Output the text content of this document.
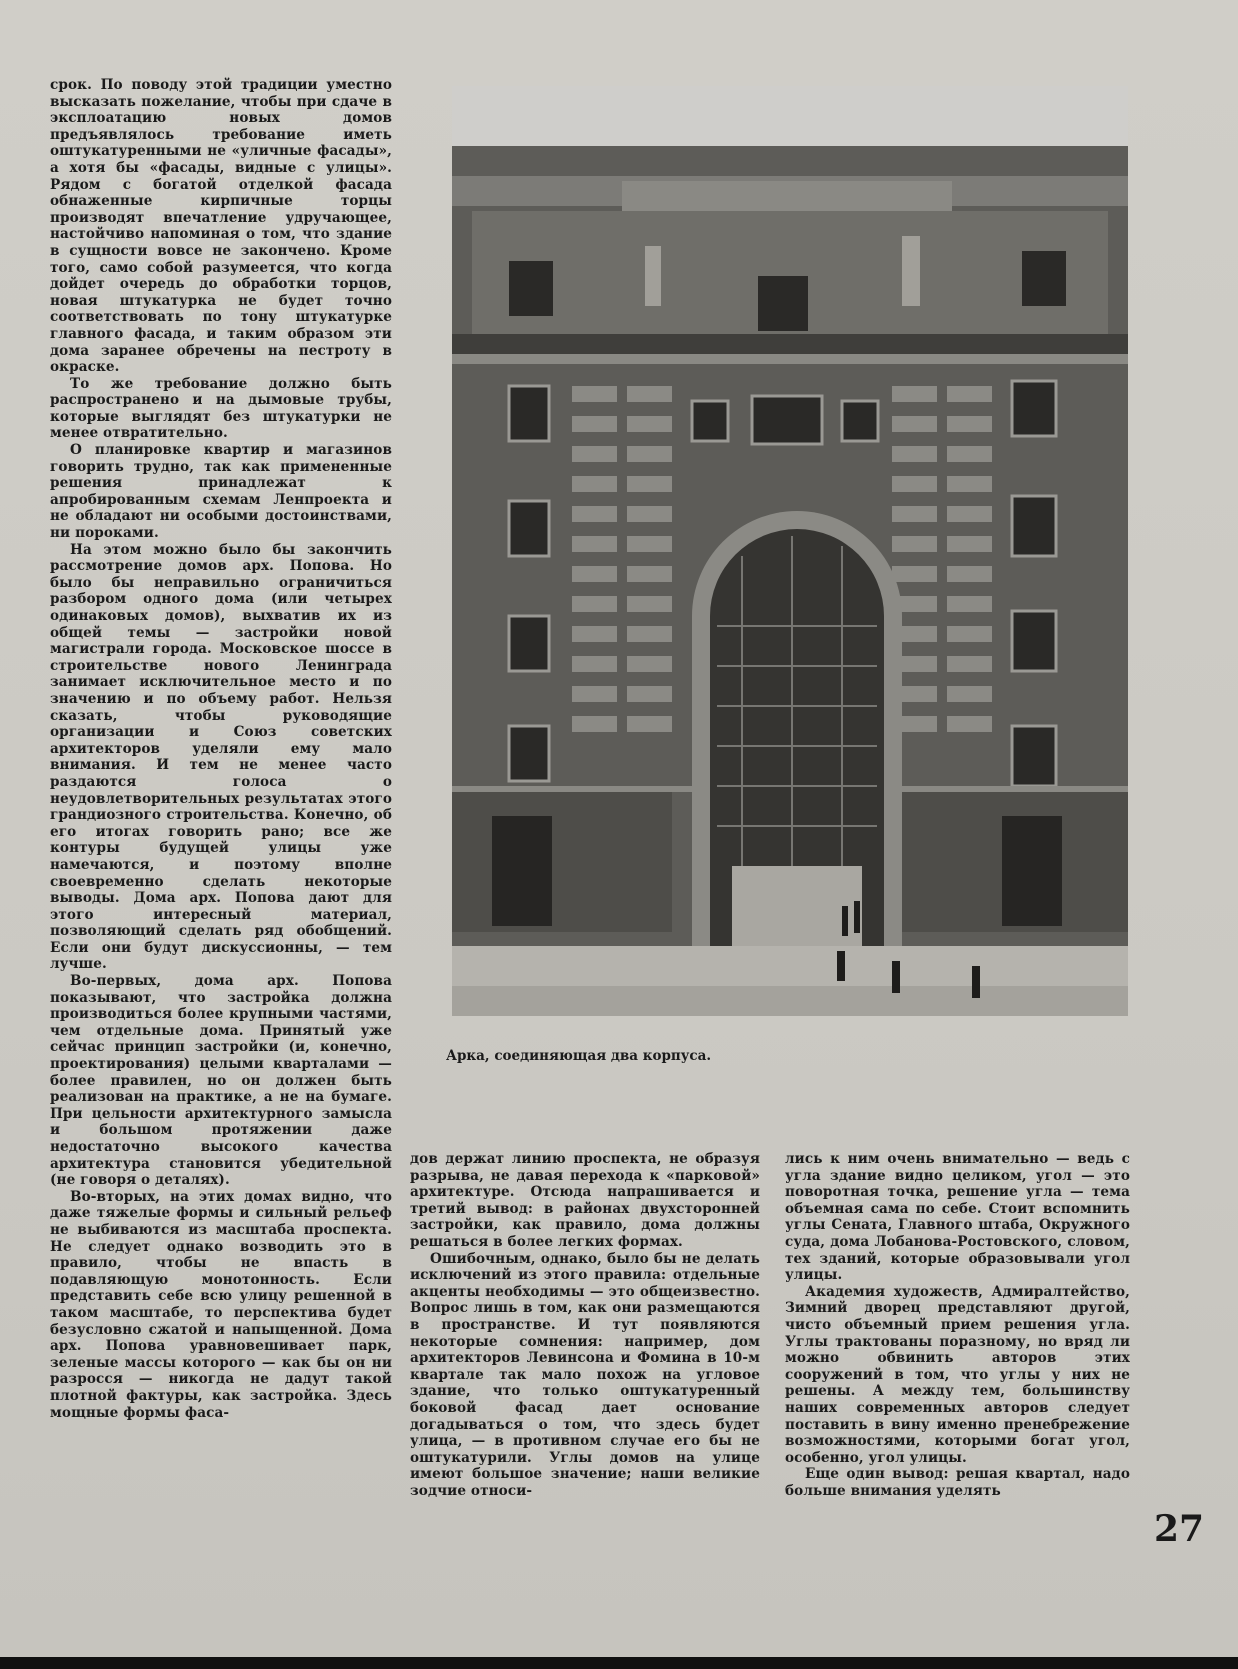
срок. По поводу этой традиции уместно высказать пожелание, чтобы при сдаче в эксплоатацию новых домов предъявлялось требование иметь оштукатуренными не «уличные фасады», а хотя бы «фасады, видные с улицы». Рядом с богатой отделкой фасада обнаженные кирпичные торцы производят впечатление удручающее, настойчиво напоминая о том, что здание в сущности вовсе не закончено. Кроме того, само собой разумеется, что когда дойдет очередь до обработки торцов, новая штукатурка не будет точно соответствовать по тону штукатурке главного фасада, и таким образом эти дома заранее обречены на пестроту в окраске.

То же требование должно быть распространено и на дымовые трубы, которые выглядят без штукатурки не менее отвратительно.

О планировке квартир и магазинов говорить трудно, так как примененные решения принадлежат к апробированным схемам Ленпроекта и не обладают ни особыми достоинствами, ни пороками.

На этом можно было бы закончить рассмотрение домов арх. Попова. Но было бы неправильно ограничиться разбором одного дома (или четырех одинаковых домов), выхватив их из общей темы — застройки новой магистрали города. Московское шоссе в строительстве нового Ленинграда занимает исключительное место и по значению и по объему работ. Нельзя сказать, чтобы руководящие организации и Союз советских архитекторов уделяли ему мало внимания. И тем не менее часто раздаются голоса о неудовлетворительных результатах этого грандиозного строительства. Конечно, об его итогах говорить рано; все же контуры будущей улицы уже намечаются, и поэтому вполне своевременно сделать некоторые выводы. Дома арх. Попова дают для этого интересный материал, позволяющий сделать ряд обобщений. Если они будут дискуссионны, — тем лучше.

Во-первых, дома арх. Попова показывают, что застройка должна производиться более крупными частями, чем отдельные дома. Принятый уже сейчас принцип застройки (и, конечно, проектирования) целыми кварталами — более правилен, но он должен быть реализован на практике, а не на бумаге. При цельности архитектурного замысла и большом протяжении даже недостаточно высокого качества архитектура становится убедительной (не говоря о деталях).

Во-вторых, на этих домах видно, что даже тяжелые формы и сильный рельеф не выбиваются из масштаба проспекта. Не следует однако возводить это в правило, чтобы не впасть в подавляющую монотонность. Если представить себе всю улицу решенной в таком масштабе, то перспектива будет безусловно сжатой и напыщенной. Дома арх. Попова уравновешивает парк, зеленые массы которого — как бы он ни разросся — никогда не дадут такой плотной фактуры, как застройка. Здесь мощные формы фаса-

Арка, соединяющая два корпуса.

дов держат линию проспекта, не образуя разрыва, не давая перехода к «парковой» архитектуре. Отсюда напрашивается и третий вывод: в районах двухсторонней застройки, как правило, дома должны решаться в более легких формах.

Ошибочным, однако, было бы не делать исключений из этого правила: отдельные акценты необходимы — это общеизвестно. Вопрос лишь в том, как они размещаются в пространстве. И тут появляются некоторые сомнения: например, дом архитекторов Левинсона и Фомина в 10-м квартале так мало похож на угловое здание, что только оштукатуренный боковой фасад дает основание догадываться о том, что здесь будет улица, — в противном случае его бы не оштукатурили. Углы домов на улице имеют большое значение; наши великие зодчие относи-

лись к ним очень внимательно — ведь с угла здание видно целиком, угол — это поворотная точка, решение угла — тема объемная сама по себе. Стоит вспомнить углы Сената, Главного штаба, Окружного суда, дома Лобанова-Ростовского, словом, тех зданий, которые образовывали угол улицы.

Академия художеств, Адмиралтейство, Зимний дворец представляют другой, чисто объемный прием решения угла. Углы трактованы поразному, но вряд ли можно обвинить авторов этих сооружений в том, что углы у них не решены. А между тем, большинству наших современных авторов следует поставить в вину именно пренебрежение возможностями, которыми богат угол, особенно, угол улицы.

Еще один вывод: решая квартал, надо больше внимания уделять

27
